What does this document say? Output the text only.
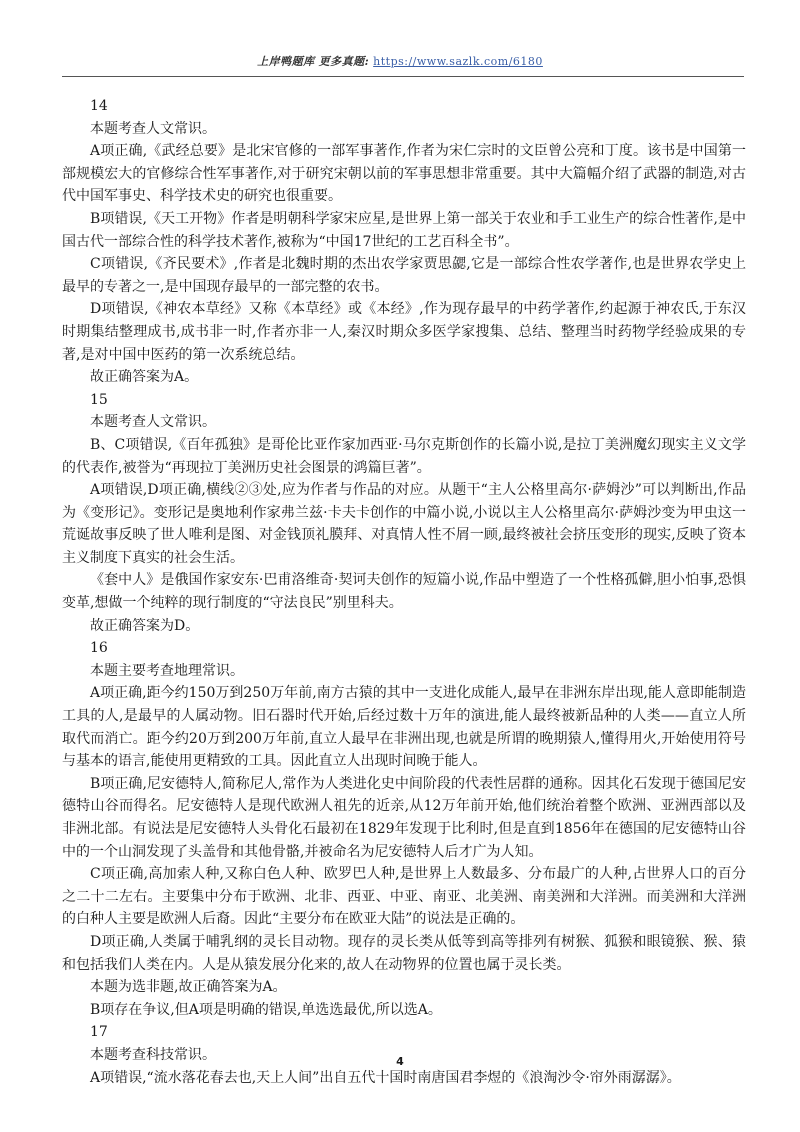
上岸鸭题库 更多真题: https://www.sazlk.com/6180

14

本题考查人文常识。

A项正确,《武经总要》是北宋官修的一部军事著作,作者为宋仁宗时的文臣曾公亮和丁度。该书是中国第一部规模宏大的官修综合性军事著作,对于研究宋朝以前的军事思想非常重要。其中大篇幅介绍了武器的制造,对古代中国军事史、科学技术史的研究也很重要。

B项错误,《天工开物》作者是明朝科学家宋应星,是世界上第一部关于农业和手工业生产的综合性著作,是中国古代一部综合性的科学技术著作,被称为“中国17世纪的工艺百科全书”。

C项错误,《齐民要术》,作者是北魏时期的杰出农学家贾思勰,它是一部综合性农学著作,也是世界农学史上最早的专著之一,是中国现存最早的一部完整的农书。

D项错误,《神农本草经》又称《本草经》或《本经》,作为现存最早的中药学著作,约起源于神农氏,于东汉时期集结整理成书,成书非一时,作者亦非一人,秦汉时期众多医学家搜集、总结、整理当时药物学经验成果的专著,是对中国中医药的第一次系统总结。

故正确答案为A。

15

本题考查人文常识。

B、C项错误,《百年孤独》是哥伦比亚作家加西亚·马尔克斯创作的长篇小说,是拉丁美洲魔幻现实主义文学的代表作,被誉为“再现拉丁美洲历史社会图景的鸿篇巨著”。

A项错误,D项正确,横线②③处,应为作者与作品的对应。从题干“主人公格里高尔·萨姆沙”可以判断出,作品为《变形记》。变形记是奥地利作家弗兰兹·卡夫卡创作的中篇小说,小说以主人公格里高尔·萨姆沙变为甲虫这一荒诞故事反映了世人唯利是图、对金钱顶礼膜拜、对真情人性不屑一顾,最终被社会挤压变形的现实,反映了资本主义制度下真实的社会生活。

《套中人》是俄国作家安东·巴甫洛维奇·契诃夫创作的短篇小说,作品中塑造了一个性格孤僻,胆小怕事,恐惧变革,想做一个纯粹的现行制度的“守法良民”别里科夫。

故正确答案为D。

16

本题主要考查地理常识。

A项正确,距今约150万到250万年前,南方古猿的其中一支进化成能人,最早在非洲东岸出现,能人意即能制造工具的人,是最早的人属动物。旧石器时代开始,后经过数十万年的演进,能人最终被新品种的人类——直立人所取代而消亡。距今约20万到200万年前,直立人最早在非洲出现,也就是所谓的晚期猿人,懂得用火,开始使用符号与基本的语言,能使用更精致的工具。因此直立人出现时间晚于能人。

B项正确,尼安德特人,简称尼人,常作为人类进化史中间阶段的代表性居群的通称。因其化石发现于德国尼安德特山谷而得名。尼安德特人是现代欧洲人祖先的近亲,从12万年前开始,他们统治着整个欧洲、亚洲西部以及非洲北部。有说法是尼安德特人头骨化石最初在1829年发现于比利时,但是直到1856年在德国的尼安德特山谷中的一个山洞发现了头盖骨和其他骨骼,并被命名为尼安德特人后才广为人知。

C项正确,高加索人种,又称白色人种、欧罗巴人种,是世界上人数最多、分布最广的人种,占世界人口的百分之二十二左右。主要集中分布于欧洲、北非、西亚、中亚、南亚、北美洲、南美洲和大洋洲。而美洲和大洋洲的白种人主要是欧洲人后裔。因此“主要分布在欧亚大陆”的说法是正确的。

D项正确,人类属于哺乳纲的灵长目动物。现存的灵长类从低等到高等排列有树猴、狐猴和眼镜猴、猴、猿和包括我们人类在内。人是从猿发展分化来的,故人在动物界的位置也属于灵长类。

本题为选非题,故正确答案为A。

B项存在争议,但A项是明确的错误,单选选最优,所以选A。

17

本题考查科技常识。

A项错误,“流水落花春去也,天上人间”出自五代十国时南唐国君李煜的《浪淘沙令·帘外雨潺潺》。

4
